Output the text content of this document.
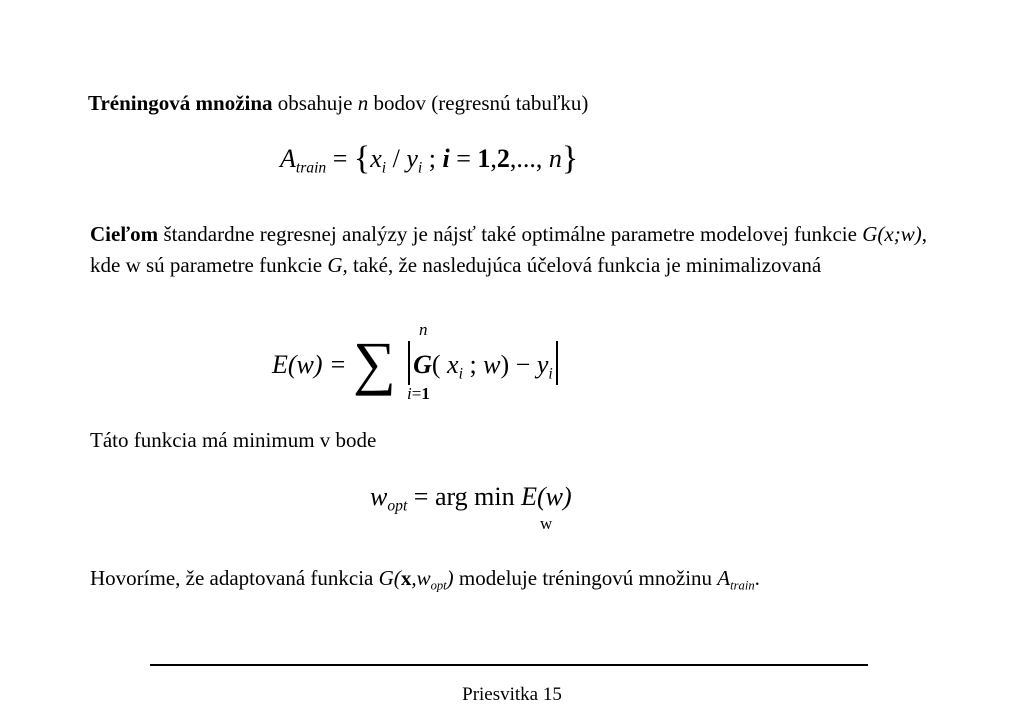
Tréningová množina obsahuje n bodov (regresnú tabuľku)
$A_{train} = \{x_i / y_i$ ; i = 1,2,..., n}
Cieľom štandardne regresnej analýzy je nájsť také optimálne parametre modelovej funkcie G(x;w), kde w sú parametre funkcie G, také, že nasledujúca účelová funkcia je minimalizovaná
E(w) = ∑ G( $x_i$ ; $w) - y_i$
n
i=1
Táto funkcia má minimum v bode
$w_{opt}$ = arg min E(w)
w
Hovoríme, že adaptovaná funkcia $G(x,w_{opt})$ modeluje tréningovú množinu $A_{train}$.
Priesvitka 15
